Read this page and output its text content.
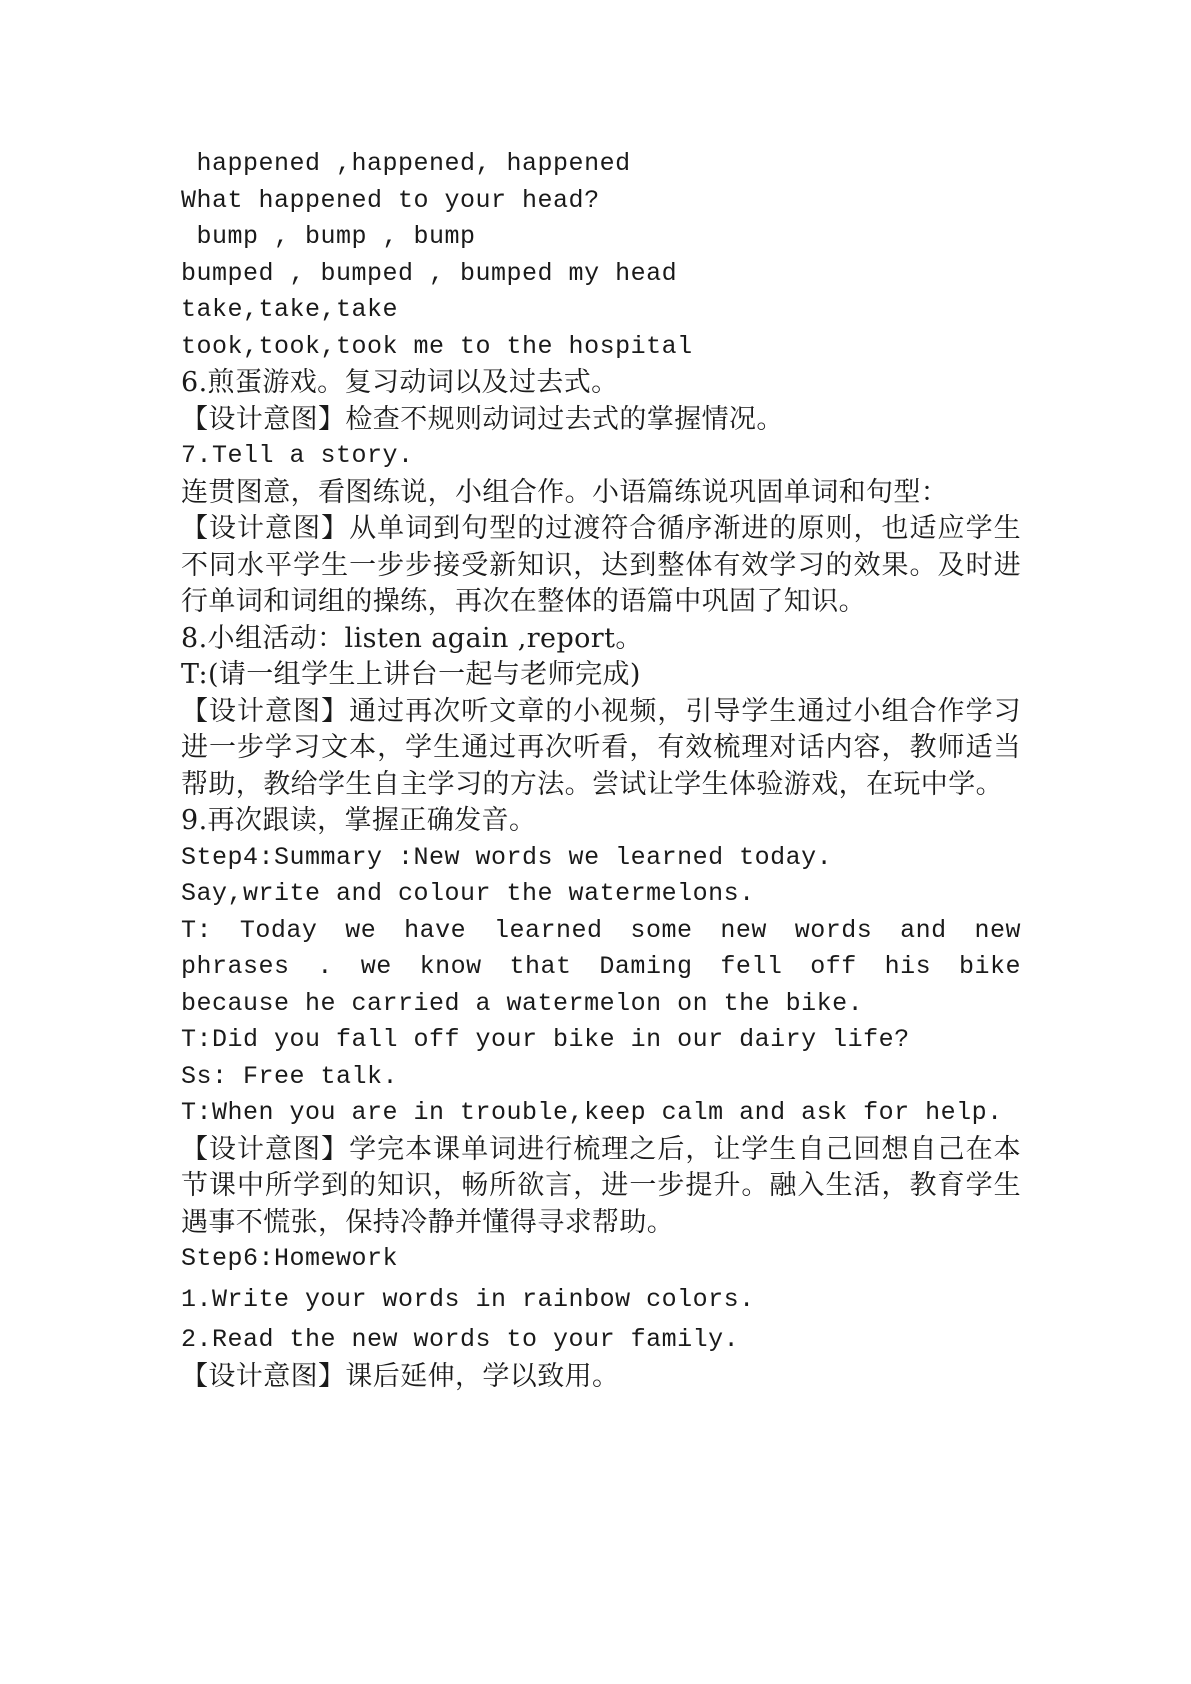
happened ,happened, happened
What happened to your head?
bump , bump , bump
bumped , bumped , bumped my head
take,take,take
took,took,took me to the hospital
6.煎蛋游戏。复习动词以及过去式。
【设计意图】检查不规则动词过去式的掌握情况。
7.Tell a story.
连贯图意，看图练说，小组合作。小语篇练说巩固单词和句型：
【设计意图】从单词到句型的过渡符合循序渐进的原则，也适应学生不同水平学生一步步接受新知识，达到整体有效学习的效果。及时进行单词和词组的操练，再次在整体的语篇中巩固了知识。
8.小组活动：listen again ,report。
T:(请一组学生上讲台一起与老师完成)
【设计意图】通过再次听文章的小视频，引导学生通过小组合作学习进一步学习文本，学生通过再次听看，有效梳理对话内容，教师适当帮助，教给学生自主学习的方法。尝试让学生体验游戏，在玩中学。
9.再次跟读，掌握正确发音。
Step4:Summary :New words we learned today.
Say,write and colour the watermelons.
T: Today we have learned some new words and new phrases . we know that Daming fell off his bike because he carried a watermelon on the bike.
T:Did you fall off your bike in our dairy life?
Ss: Free talk.
T:When you are in trouble,keep calm and ask for help.
【设计意图】学完本课单词进行梳理之后，让学生自己回想自己在本节课中所学到的知识，畅所欲言，进一步提升。融入生活，教育学生遇事不慌张，保持冷静并懂得寻求帮助。
Step6:Homework
1.Write your words in rainbow colors.
2.Read the new words to your family.
【设计意图】课后延伸，学以致用。
